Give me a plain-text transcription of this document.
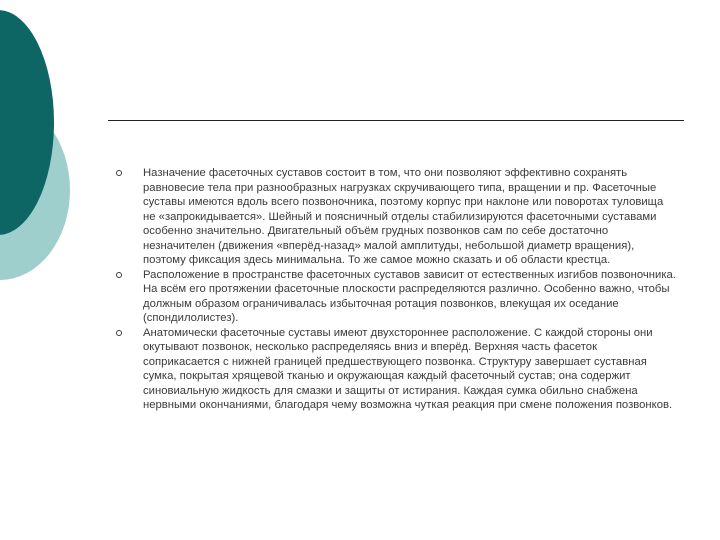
Назначение фасеточных суставов состоит в том, что они позволяют эффективно сохранять равновесие тела при разнообразных нагрузках скручивающего типа, вращении и пр. Фасеточные суставы имеются вдоль всего позвоночника, поэтому корпус при наклоне или поворотах туловища не «запрокидывается». Шейный и поясничный отделы стабилизируются фасеточными суставами особенно значительно. Двигательный объём грудных позвонков сам по себе достаточно незначителен (движения «вперёд-назад» малой амплитуды, небольшой диаметр вращения), поэтому фиксация здесь минимальна. То же самое можно сказать и об области крестца.

Расположение в пространстве фасеточных суставов зависит от естественных изгибов позвоночника. На всём его протяжении фасеточные плоскости распределяются различно. Особенно важно, чтобы должным образом ограничивалась избыточная ротация позвонков, влекущая их оседание (спондилолистез).

Анатомически фасеточные суставы имеют двухстороннее расположение. С каждой стороны они окутывают позвонок, несколько распределяясь вниз и вперёд. Верхняя часть фасеток соприкасается с нижней границей предшествующего позвонка. Структуру завершает суставная сумка, покрытая хрящевой тканью и окружающая каждый фасеточный сустав; она содержит синовиальную жидкость для смазки и защиты от истирания. Каждая сумка обильно снабжена нервными окончаниями, благодаря чему возможна чуткая реакция при смене положения позвонков.
